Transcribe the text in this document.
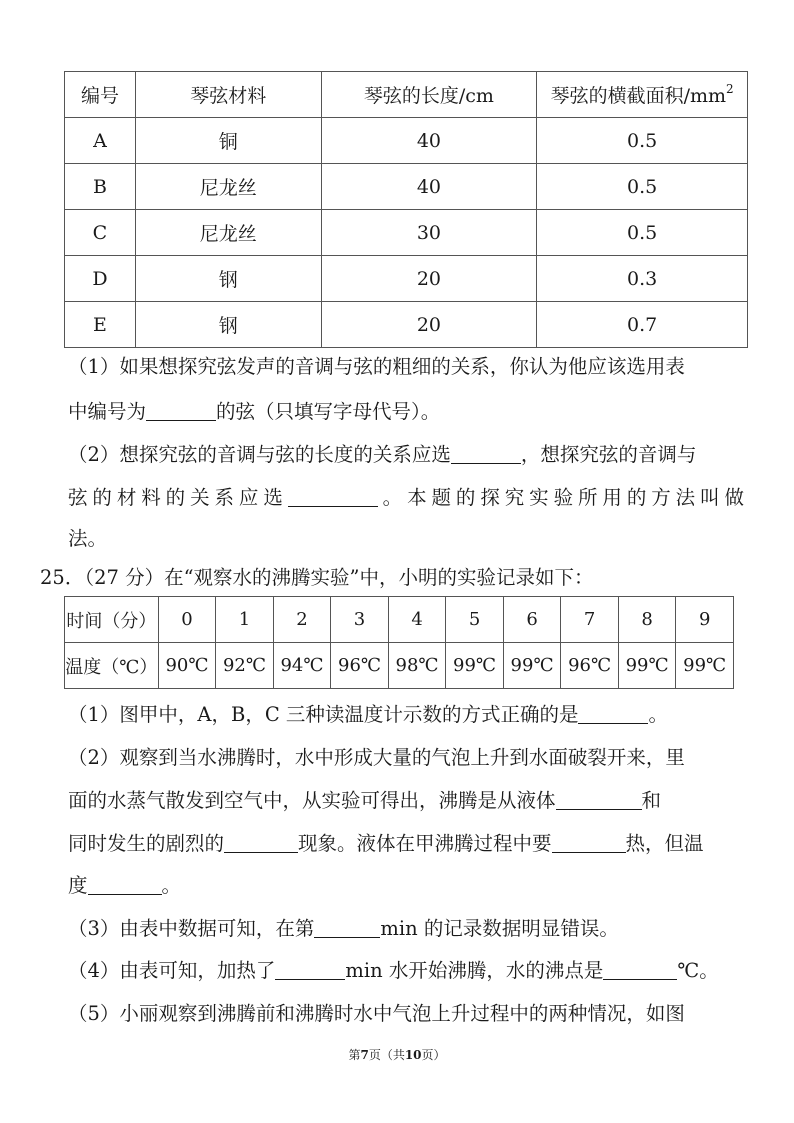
编号	琴弦材料	琴弦的长度/cm	琴弦的横截面积$/mm^2$
A	铜	40	0.5
B	尼龙丝	40	0.5
C	尼龙丝	30	0.5
D	钢	20	0.3
E	钢	20	0.7
（1）如果想探究弦发声的音调与弦的粗细的关系，你认为他应该选用表
中编号为	的弦（只填写字母代号）。
（2）想探究弦的音调与弦的长度的关系应选	，想探究弦的音调与
弦的材料的关系应选	。本题的探究实验所用的方法叫做
法。
25．（27 分）在“观察水的沸腾实验”中，小明的实验记录如下：
时间（分）	0	1	2	3	4	5	6	7	8	9
温度（℃）	90℃	92℃	94℃	96℃	98℃	99℃	99℃	96℃	99℃	99℃
（1）图甲中，A，B，C 三种读温度计示数的方式正确的是	。
（2）观察到当水沸腾时，水中形成大量的气泡上升到水面破裂开来，里
面的水蒸气散发到空气中，从实验可得出，沸腾是从液体	和
同时发生的剧烈的	现象。液体在甲沸腾过程中要	热，但温
度	。
（3）由表中数据可知，在第	min 的记录数据明显错误。
（4）由表可知，加热了	min 水开始沸腾，水的沸点是	℃。
（5）小丽观察到沸腾前和沸腾时水中气泡上升过程中的两种情况，如图
第7页（共10页）
